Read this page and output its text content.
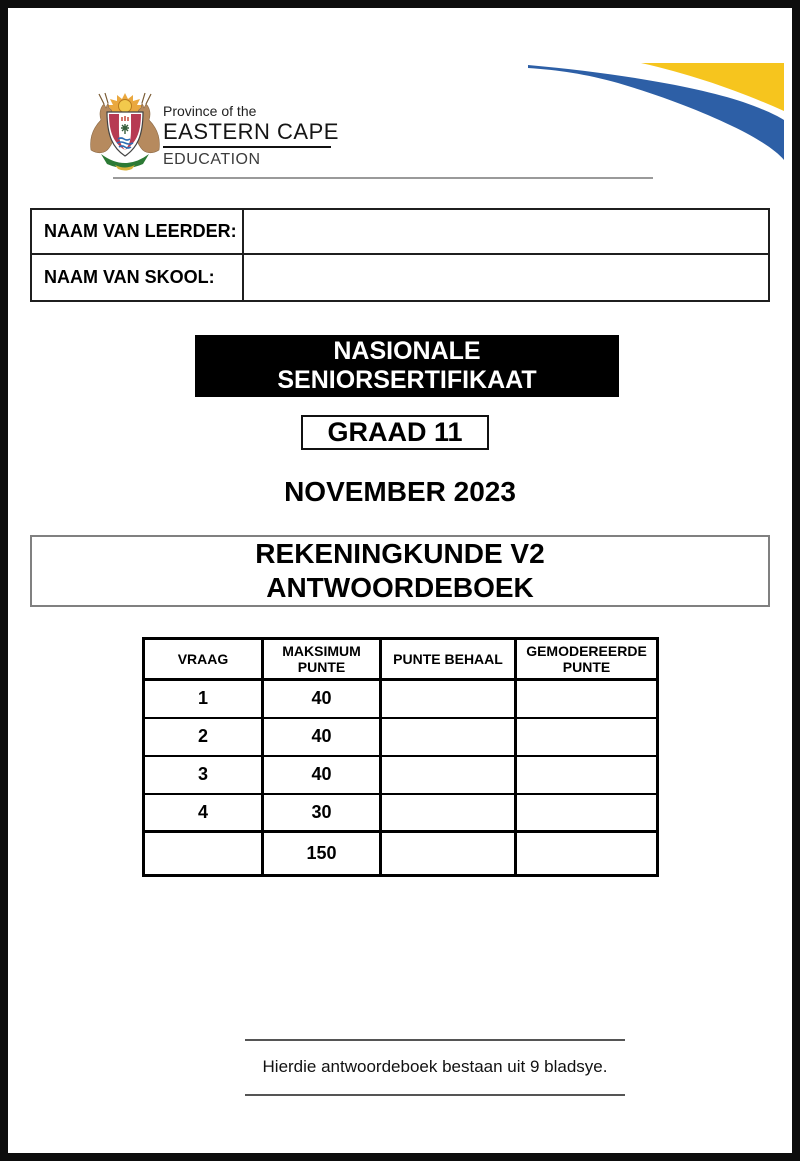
Province of the
EASTERN CAPE
EDUCATION
NAAM VAN LEERDER:
NAAM VAN SKOOL:
NASIONALE
SENIORSERTIFIKAAT
GRAAD 11
NOVEMBER 2023
REKENINGKUNDE V2
ANTWOORDEBOEK
VRAAG	MAKSIMUM PUNTE	PUNTE BEHAAL	GEMODEREERDE PUNTE
1	40		
2	40		
3	40		
4	30		
	150		
Hierdie antwoordeboek bestaan uit 9 bladsye.
